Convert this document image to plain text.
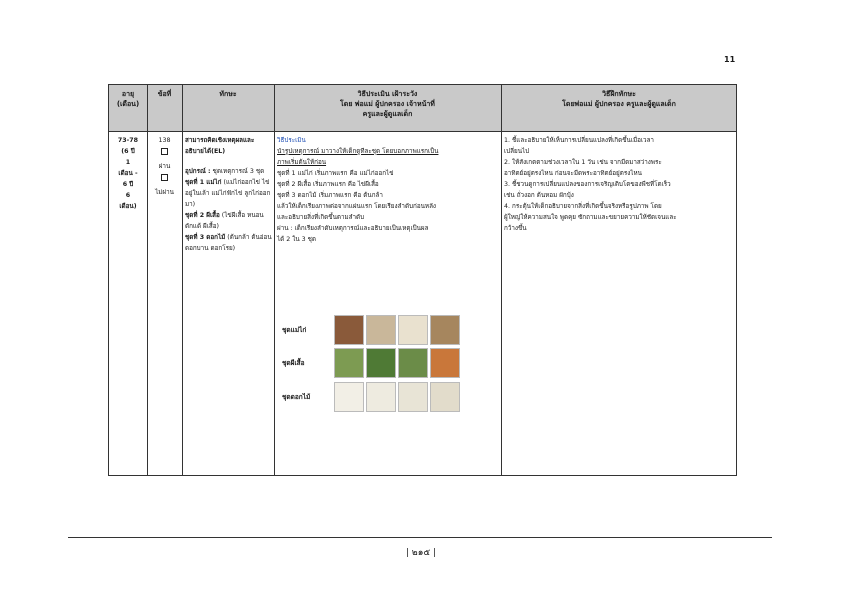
11
อายุ
(เดือน)
ข้อที่	ทักษะ	วิธีประเมิน เฝ้าระวัง
โดย พ่อแม่ ผู้ปกครอง เจ้าหน้าที่
ครูและผู้ดูแลเด็ก
วิธีฝึกทักษะ
โดยพ่อแม่ ผู้ปกครอง ครูและผู้ดูแลเด็ก
73-78
(6 ปี
1
เดือน -
6 ปี
6
เดือน)
138
ผ่าน
ไม่ผ่าน
สามารถคิดเชิงเหตุผลและอธิบายได้(EL)
อุปกรณ์ : ชุดเหตุการณ์ 3 ชุด
ชุดที่ 1 แม่ไก่ (แม่ไก่ออกไข่ ไข่อยู่ในเล้า แม่ไก่ฟักไข่ ลูกไก่ออกมา)
ชุดที่ 2 ผีเสื้อ (ไข่ผีเสื้อ หนอน ดักแด้ ผีเสื้อ)
ชุดที่ 3 ดอกไม้ (ต้นกล้า ต้นอ่อน ดอกบาน ดอกโรย)
วิธีประเมิน
นำรูปเหตุการณ์ มาวางให้เด็กดูทีละชุด โดยบอกภาพแรกเป็น
ภาพเริ่มต้นให้ก่อน
ชุดที่ 1 แม่ไก่ เริ่มภาพแรก คือ แม่ไก่ออกไข่
ชุดที่ 2 ผีเสื้อ เริ่มภาพแรก คือ ไข่ผีเสื้อ
ชุดที่ 3 ดอกไม้ เริ่มภาพแรก คือ ต้นกล้า
แล้วให้เด็กเรียงภาพต่อจากแผ่นแรก โดยเรียงลำดับก่อนหลัง
และอธิบายสิ่งที่เกิดขึ้นตามลำดับ
ผ่าน : เด็กเรียงลำดับเหตุการณ์และอธิบายเป็นเหตุเป็นผล
ได้ 2 ใน 3 ชุด
1. ชี้และอธิบายให้เห็นการเปลี่ยนแปลงที่เกิดขึ้นเมื่อเวลา
เปลี่ยนไป
2. ให้สังเกตตามช่วงเวลาใน 1 วัน เช่น จากมืดมาสว่างพระ
อาทิตย์อยู่ตรงไหน ก่อนจะมืดพระอาทิตย์อยู่ตรงไหน
3. ชี้ชวนดูการเปลี่ยนแปลงของการเจริญเติบโตของพืชที่โตเร็ว
เช่น ถั่วงอก ต้นหอม ผักบุ้ง
4. กระตุ้นให้เด็กอธิบายจากสิ่งที่เกิดขึ้นจริงหรือรูปภาพ โดย
ผู้ใหญ่ให้ความสนใจ พูดคุย ซักถามและขยายความให้ชัดเจนและ
กว้างขึ้น
ชุดแม่ไก่
ชุดผีเสื้อ
ชุดดอกไม้
| ๒๑๕ |
